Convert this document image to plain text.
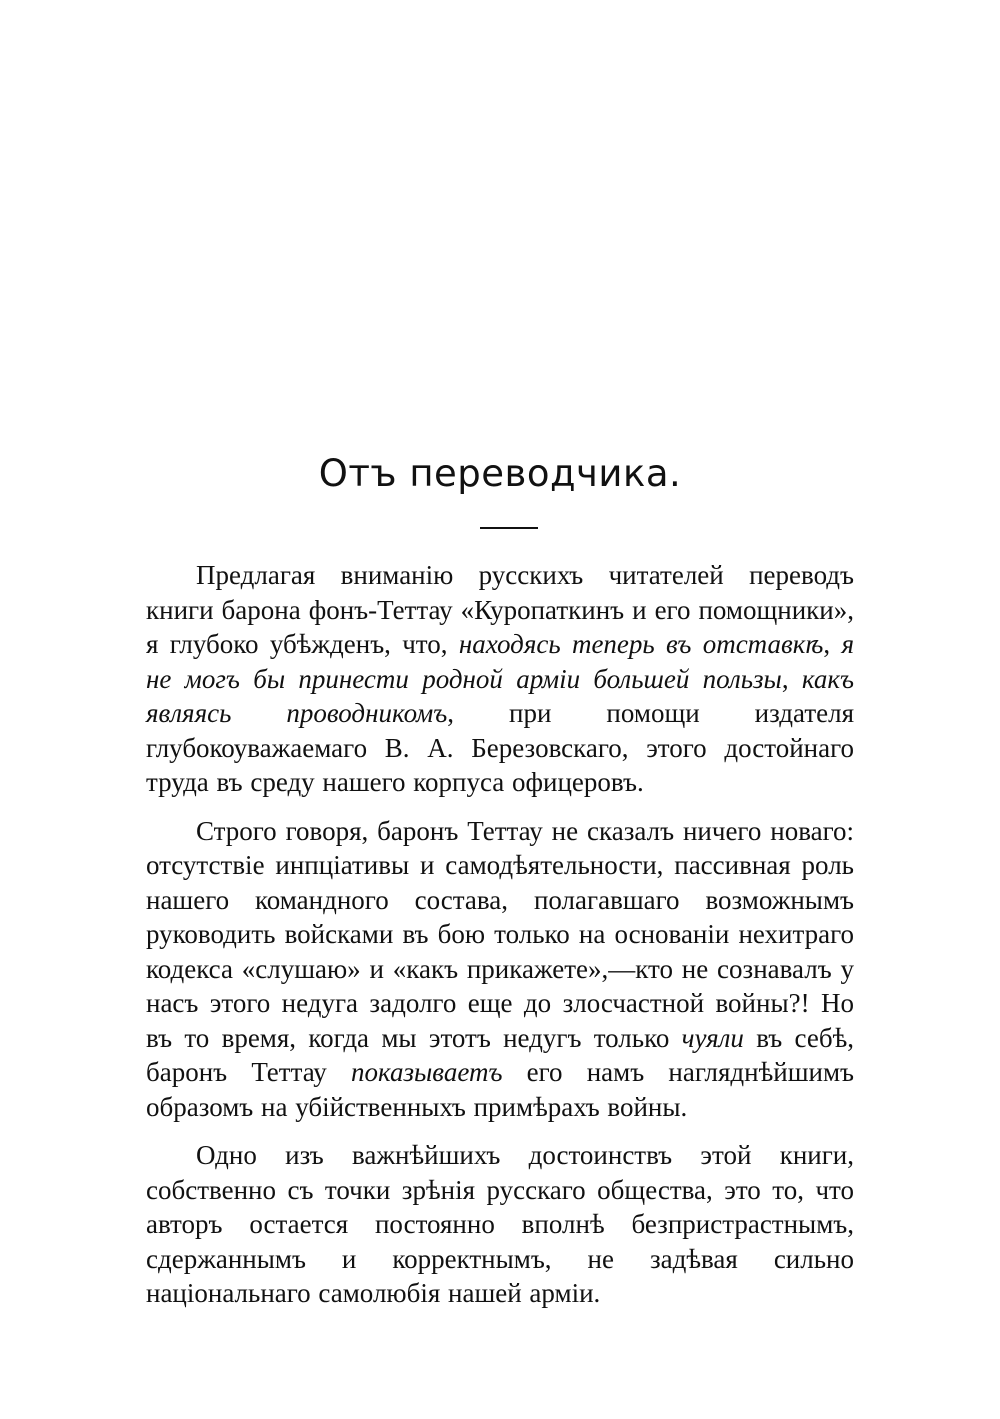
Отъ переводчика.

Предлагая вниманію русскихъ читателей переводъ книги барона фонъ-Теттау «Куропаткинъ и его помощники», я глубоко убѣжденъ, что, находясь теперь въ отставкѣ, я не могъ бы принести родной арміи большей пользы, какъ являясь проводникомъ, при помощи издателя глубокоуважаемаго В. А. Березовскаго, этого достойнаго труда въ среду нашего корпуса офицеровъ.

Строго говоря, баронъ Теттау не сказалъ ничего новаго: отсутствіе инпціативы и самодѣятельности, пассивная роль нашего командного состава, полагавшаго возможнымъ руководить войсками въ бою только на основаніи нехитраго кодекса «слушаю» и «какъ прикажете»,—кто не сознавалъ у насъ этого недуга задолго еще до злосчастной войны?! Но въ то время, когда мы этотъ недугъ только чуяли въ себѣ, баронъ Теттау показываетъ его намъ нагляднѣйшимъ образомъ на убійственныхъ примѣрахъ войны.

Одно изъ важнѣйшихъ достоинствъ этой книги, собственно съ точки зрѣнія русскаго общества, это то, что авторъ остается постоянно вполнѣ безпристрастнымъ, сдержаннымъ и корректнымъ, не задѣвая сильно національнаго самолюбія нашей арміи.
